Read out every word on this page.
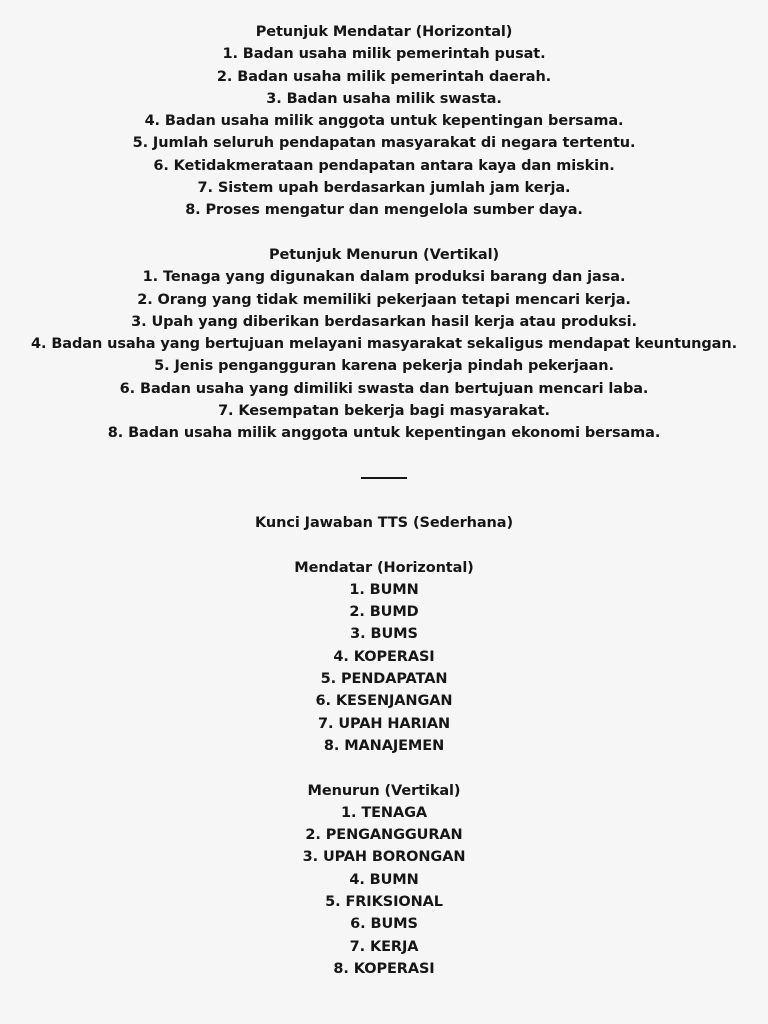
Petunjuk Mendatar (Horizontal)
1. Badan usaha milik pemerintah pusat.
2. Badan usaha milik pemerintah daerah.
3. Badan usaha milik swasta.
4. Badan usaha milik anggota untuk kepentingan bersama.
5. Jumlah seluruh pendapatan masyarakat di negara tertentu.
6. Ketidakmerataan pendapatan antara kaya dan miskin.
7. Sistem upah berdasarkan jumlah jam kerja.
8. Proses mengatur dan mengelola sumber daya.
Petunjuk Menurun (Vertikal)
1. Tenaga yang digunakan dalam produksi barang dan jasa.
2. Orang yang tidak memiliki pekerjaan tetapi mencari kerja.
3. Upah yang diberikan berdasarkan hasil kerja atau produksi.
4. Badan usaha yang bertujuan melayani masyarakat sekaligus mendapat keuntungan.
5. Jenis pengangguran karena pekerja pindah pekerjaan.
6. Badan usaha yang dimiliki swasta dan bertujuan mencari laba.
7. Kesempatan bekerja bagi masyarakat.
8. Badan usaha milik anggota untuk kepentingan ekonomi bersama.
Kunci Jawaban TTS (Sederhana)
Mendatar (Horizontal)
1. BUMN
2. BUMD
3. BUMS
4. KOPERASI
5. PENDAPATAN
6. KESENJANGAN
7. UPAH HARIAN
8. MANAJEMEN
Menurun (Vertikal)
1. TENAGA
2. PENGANGGURAN
3. UPAH BORONGAN
4. BUMN
5. FRIKSIONAL
6. BUMS
7. KERJA
8. KOPERASI
